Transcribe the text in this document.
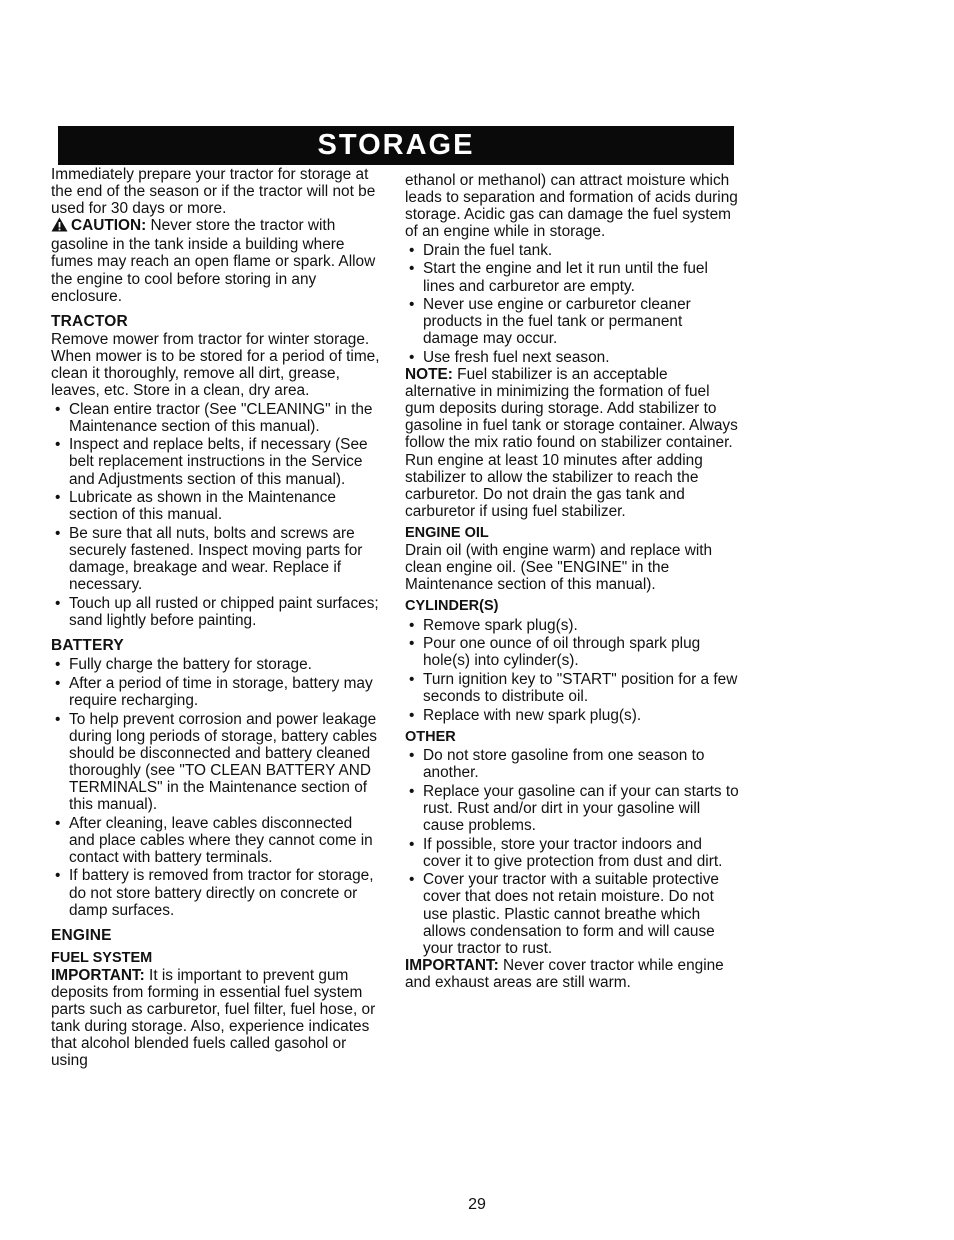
STORAGE

Immediately prepare your tractor for storage at the end of the season or if the tractor will not be used for 30 days or more.

CAUTION: Never store the tractor with gasoline in the tank inside a building where fumes may reach an open flame or spark. Allow the engine to cool before storing in any enclosure.

TRACTOR

Remove mower from tractor for winter storage. When mower is to be stored for a period of time, clean it thoroughly, remove all dirt, grease, leaves, etc. Store in a clean, dry area.

• Clean entire tractor (See "CLEANING" in the Maintenance section of this manual).
• Inspect and replace belts, if necessary (See belt replacement instructions in the Service and Adjustments section of this manual).
• Lubricate as shown in the Maintenance section of this manual.
• Be sure that all nuts, bolts and screws are securely fastened. Inspect moving parts for damage, breakage and wear. Replace if necessary.
• Touch up all rusted or chipped paint surfaces; sand lightly before painting.
BATTERY
• Fully charge the battery for storage.
• After a period of time in storage, battery may require recharging.
• To help prevent corrosion and power leakage during long periods of storage, battery cables should be disconnected and battery cleaned thoroughly (see "TO CLEAN BATTERY AND TERMINALS" in the Maintenance section of this manual).
• After cleaning, leave cables disconnected and place cables where they cannot come in contact with battery terminals.
• If battery is removed from tractor for storage, do not store battery directly on concrete or damp surfaces.
ENGINE
FUEL SYSTEM

IMPORTANT: It is important to prevent gum deposits from forming in essential fuel system parts such as carburetor, fuel filter, fuel hose, or tank during storage. Also, experience indicates that alcohol blended fuels called gasohol or using

ethanol or methanol) can attract moisture which leads to separation and formation of acids during storage. Acidic gas can damage the fuel system of an engine while in storage.

• Drain the fuel tank.
• Start the engine and let it run until the fuel lines and carburetor are empty.
• Never use engine or carburetor cleaner products in the fuel tank or permanent damage may occur.
• Use fresh fuel next season.

NOTE: Fuel stabilizer is an acceptable alternative in minimizing the formation of fuel gum deposits during storage. Add stabilizer to gasoline in fuel tank or storage container. Always follow the mix ratio found on stabilizer container. Run engine at least 10 minutes after adding stabilizer to allow the stabilizer to reach the carburetor. Do not drain the gas tank and carburetor if using fuel stabilizer.

ENGINE OIL

Drain oil (with engine warm) and replace with clean engine oil. (See "ENGINE" in the Maintenance section of this manual).

CYLINDER(S)
• Remove spark plug(s).
• Pour one ounce of oil through spark plug hole(s) into cylinder(s).
• Turn ignition key to "START" position for a few seconds to distribute oil.
• Replace with new spark plug(s).
OTHER
• Do not store gasoline from one season to another.
• Replace your gasoline can if your can starts to rust. Rust and/or dirt in your gasoline will cause problems.
• If possible, store your tractor indoors and cover it to give protection from dust and dirt.
• Cover your tractor with a suitable protective cover that does not retain moisture. Do not use plastic. Plastic cannot breathe which allows condensation to form and will cause your tractor to rust.

IMPORTANT: Never cover tractor while engine and exhaust areas are still warm.

29
